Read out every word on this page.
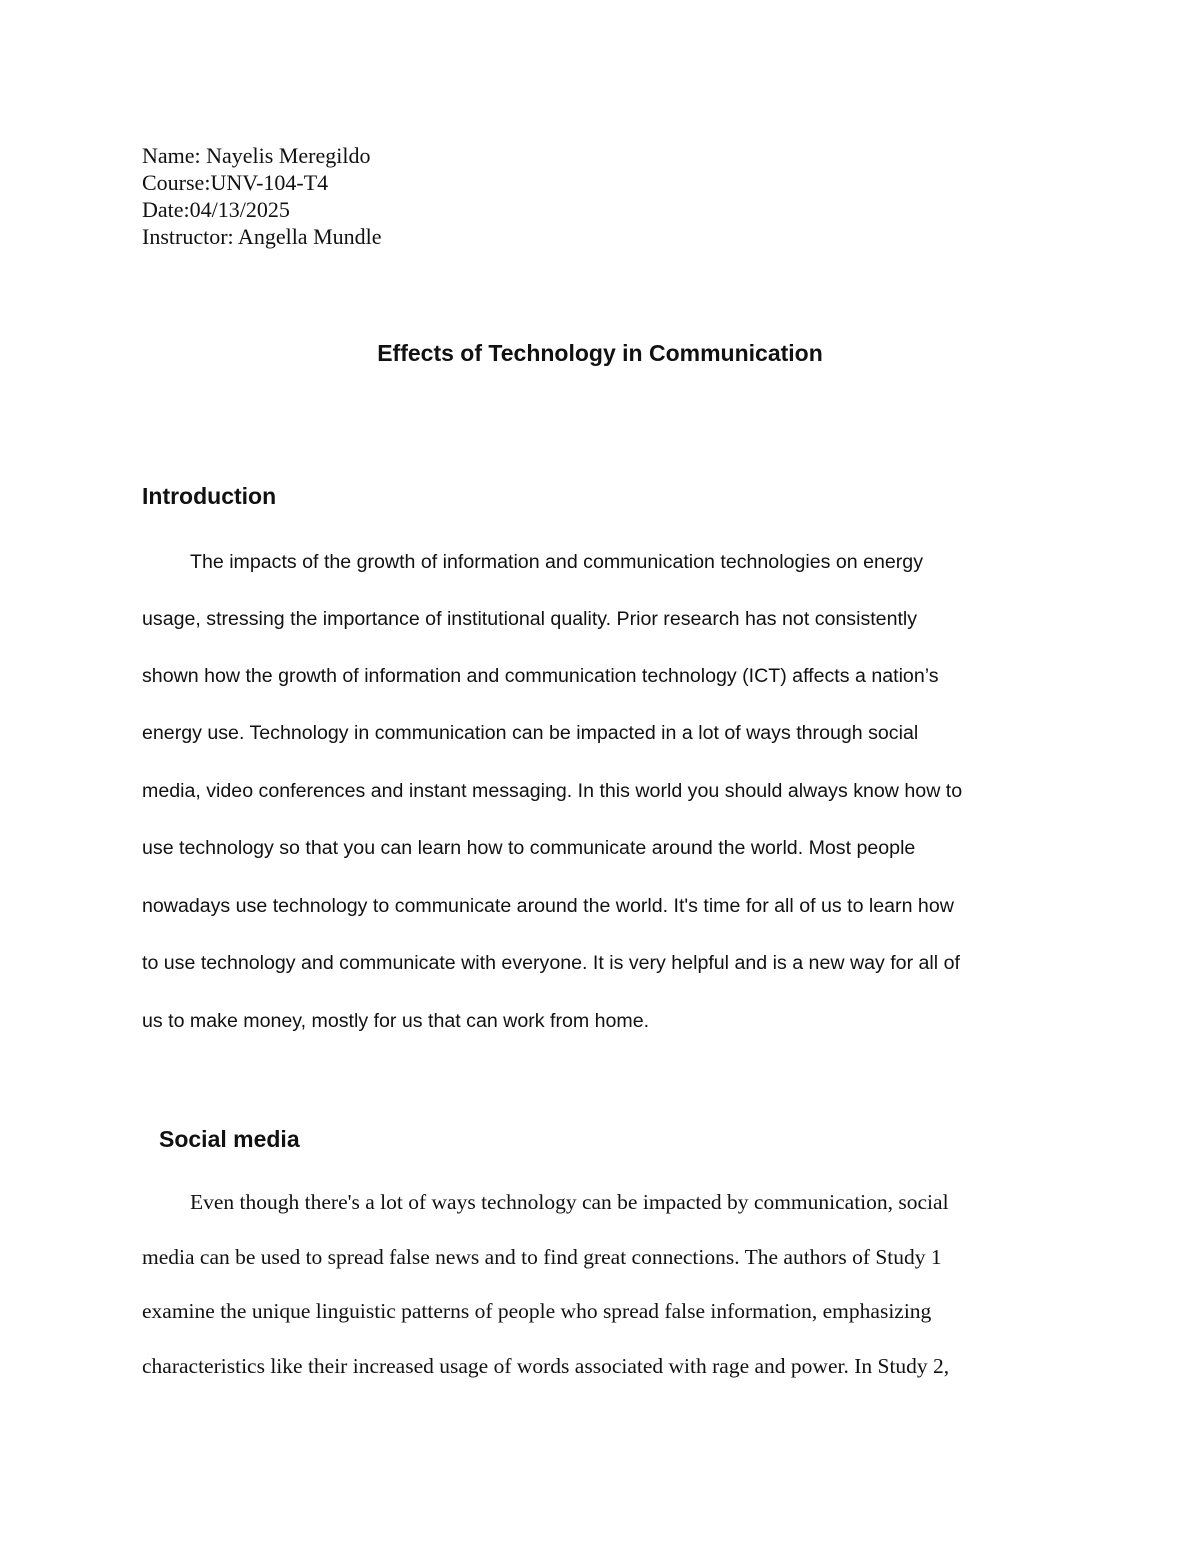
Name: Nayelis Meregildo
Course:UNV-104-T4
Date:04/13/2025
Instructor: Angella Mundle
Effects of Technology in Communication
Introduction
The impacts of the growth of information and communication technologies on energy
usage, stressing the importance of institutional quality. Prior research has not consistently
shown how the growth of information and communication technology (ICT) affects a nation’s
energy use. Technology in communication can be impacted in a lot of ways through social
media, video conferences and instant messaging. In this world you should always know how to
use technology so that you can learn how to communicate around the world. Most people
nowadays use technology to communicate around the world. It's time for all of us to learn how
to use technology and communicate with everyone. It is very helpful and is a new way for all of
us to make money, mostly for us that can work from home.
Social media
Even though there's a lot of ways technology can be impacted by communication, social
media can be used to spread false news and to find great connections. The authors of Study 1
examine the unique linguistic patterns of people who spread false information, emphasizing
characteristics like their increased usage of words associated with rage and power. In Study 2,
